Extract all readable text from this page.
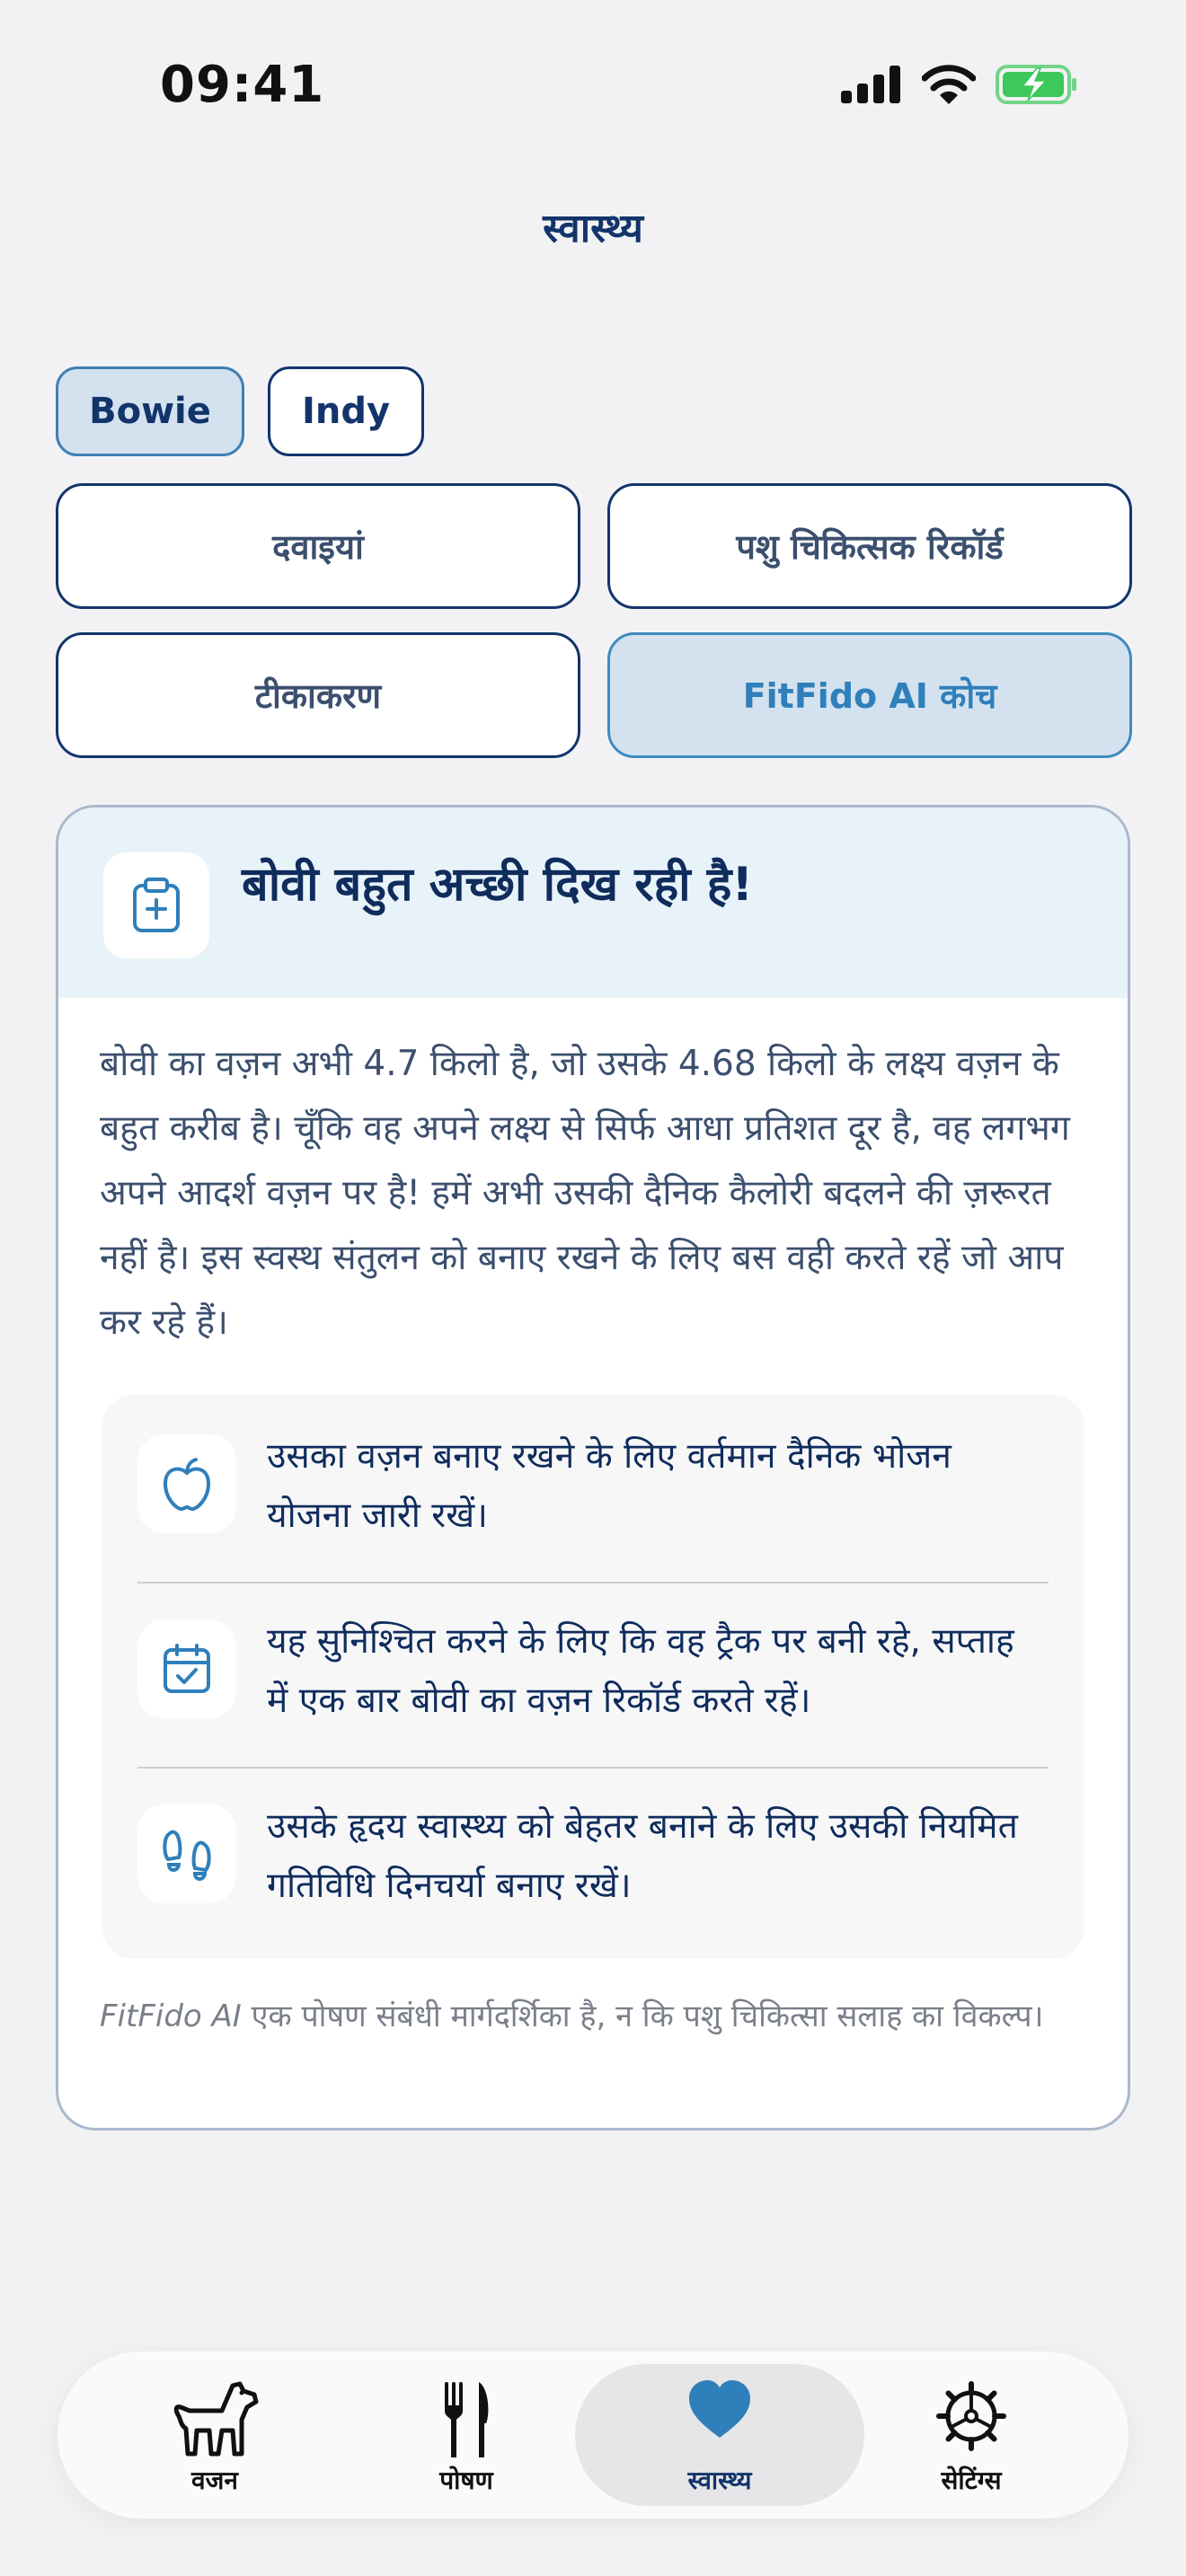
09:41
स्वास्थ्य
Bowie	Indy
दवाइयां	पशु चिकित्सक रिकॉर्ड
टीकाकरण	FitFido AI कोच
बोवी बहुत अच्छी दिख रही है!
बोवी का वज़न अभी 4.7 किलो है, जो उसके 4.68 किलो के लक्ष्य वज़न के बहुत करीब है। चूँकि वह अपने लक्ष्य से सिर्फ आधा प्रतिशत दूर है, वह लगभग अपने आदर्श वज़न पर है! हमें अभी उसकी दैनिक कैलोरी बदलने की ज़रूरत नहीं है। इस स्वस्थ संतुलन को बनाए रखने के लिए बस वही करते रहें जो आप कर रहे हैं।
उसका वज़न बनाए रखने के लिए वर्तमान दैनिक भोजन योजना जारी रखें।
यह सुनिश्चित करने के लिए कि वह ट्रैक पर बनी रहे, सप्ताह में एक बार बोवी का वज़न रिकॉर्ड करते रहें।
उसके हृदय स्वास्थ्य को बेहतर बनाने के लिए उसकी नियमित गतिविधि दिनचर्या बनाए रखें।
FitFido AI एक पोषण संबंधी मार्गदर्शिका है, न कि पशु चिकित्सा सलाह का विकल्प।
वजन	पोषण	स्वास्थ्य	सेटिंग्स
